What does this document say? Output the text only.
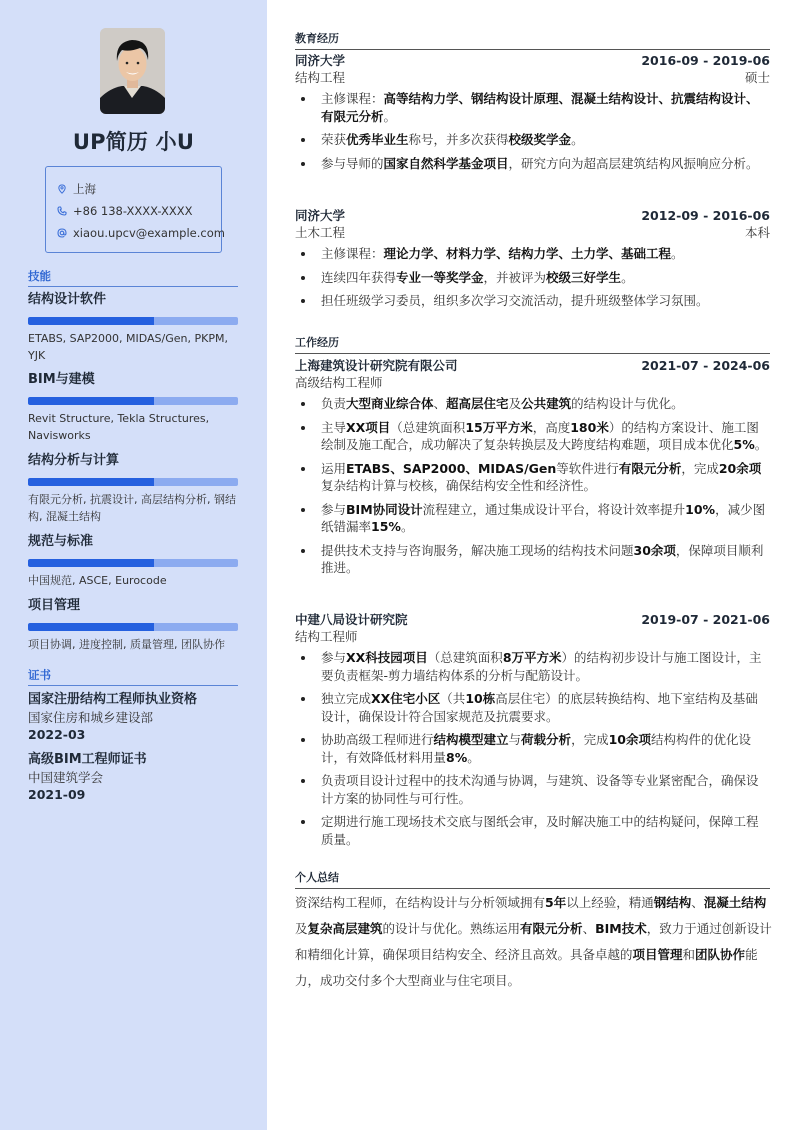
UP简历 小U
上海
+86 138-XXXX-XXXX
xiaou.upcv@example.com
技能
结构设计软件
ETABS, SAP2000, MIDAS/Gen, PKPM, YJK
BIM与建模
Revit Structure, Tekla Structures, Navisworks
结构分析与计算
有限元分析, 抗震设计, 高层结构分析, 钢结构, 混凝土结构
规范与标准
中国规范, ASCE, Eurocode
项目管理
项目协调, 进度控制, 质量管理, 团队协作
证书
国家注册结构工程师执业资格
国家住房和城乡建设部
2022-03
高级BIM工程师证书
中国建筑学会
2021-09
教育经历
同济大学	2016-09 - 2019-06
结构工程	硕士
主修课程：高等结构力学、钢结构设计原理、混凝土结构设计、抗震结构设计、有限元分析。
荣获优秀毕业生称号，并多次获得校级奖学金。
参与导师的国家自然科学基金项目，研究方向为超高层建筑结构风振响应分析。
同济大学	2012-09 - 2016-06
土木工程	本科
主修课程：理论力学、材料力学、结构力学、土力学、基础工程。
连续四年获得专业一等奖学金，并被评为校级三好学生。
担任班级学习委员，组织多次学习交流活动，提升班级整体学习氛围。
工作经历
上海建筑设计研究院有限公司	2021-07 - 2024-06
高级结构工程师
负责大型商业综合体、超高层住宅及公共建筑的结构设计与优化。
主导XX项目（总建筑面积15万平方米，高度180米）的结构方案设计、施工图绘制及施工配合，成功解决了复杂转换层及大跨度结构难题，项目成本优化5%。
运用ETABS、SAP2000、MIDAS/Gen等软件进行有限元分析，完成20余项复杂结构计算与校核，确保结构安全性和经济性。
参与BIM协同设计流程建立，通过集成设计平台，将设计效率提升10%，减少图纸错漏率15%。
提供技术支持与咨询服务，解决施工现场的结构技术问题30余项，保障项目顺利推进。
中建八局设计研究院	2019-07 - 2021-06
结构工程师
参与XX科技园项目（总建筑面积8万平方米）的结构初步设计与施工图设计，主要负责框架-剪力墙结构体系的分析与配筋设计。
独立完成XX住宅小区（共10栋高层住宅）的底层转换结构、地下室结构及基础设计，确保设计符合国家规范及抗震要求。
协助高级工程师进行结构模型建立与荷载分析，完成10余项结构构件的优化设计，有效降低材料用量8%。
负责项目设计过程中的技术沟通与协调，与建筑、设备等专业紧密配合，确保设计方案的协同性与可行性。
定期进行施工现场技术交底与图纸会审，及时解决施工中的结构疑问，保障工程质量。
个人总结
资深结构工程师，在结构设计与分析领域拥有5年以上经验，精通钢结构、混凝土结构及复杂高层建筑的设计与优化。熟练运用有限元分析、BIM技术，致力于通过创新设计和精细化计算，确保项目结构安全、经济且高效。具备卓越的项目管理和团队协作能力，成功交付多个大型商业与住宅项目。
